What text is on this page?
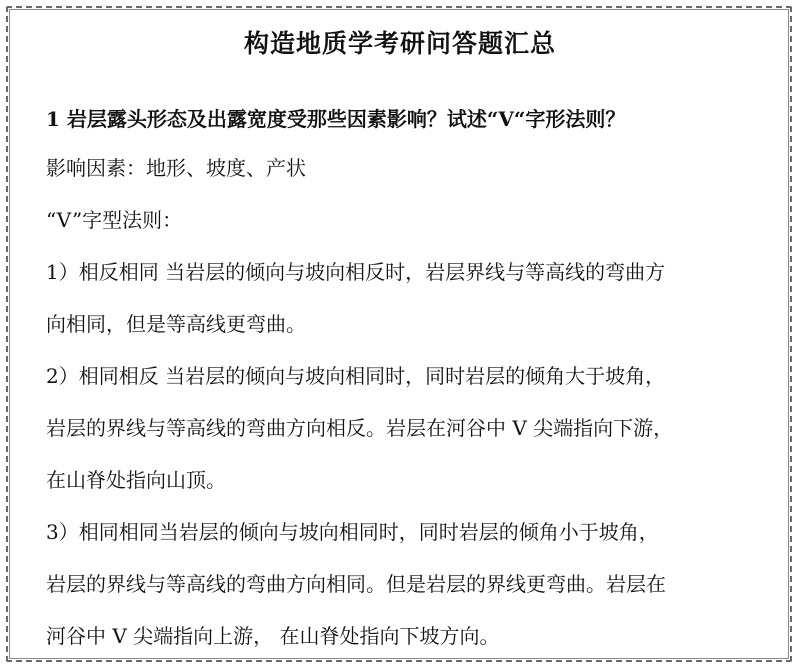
构造地质学考研问答题汇总
1 岩层露头形态及出露宽度受那些因素影响？试述“V“字形法则？
影响因素：地形、坡度、产状
“V”字型法则：
1）相反相同 当岩层的倾向与坡向相反时，岩层界线与等高线的弯曲方
向相同，但是等高线更弯曲。
2）相同相反 当岩层的倾向与坡向相同时，同时岩层的倾角大于坡角，
岩层的界线与等高线的弯曲方向相反。岩层在河谷中 V 尖端指向下游，
在山脊处指向山顶。
3）相同相同当岩层的倾向与坡向相同时，同时岩层的倾角小于坡角，
岩层的界线与等高线的弯曲方向相同。但是岩层的界线更弯曲。岩层在
河谷中 V 尖端指向上游， 在山脊处指向下坡方向。
